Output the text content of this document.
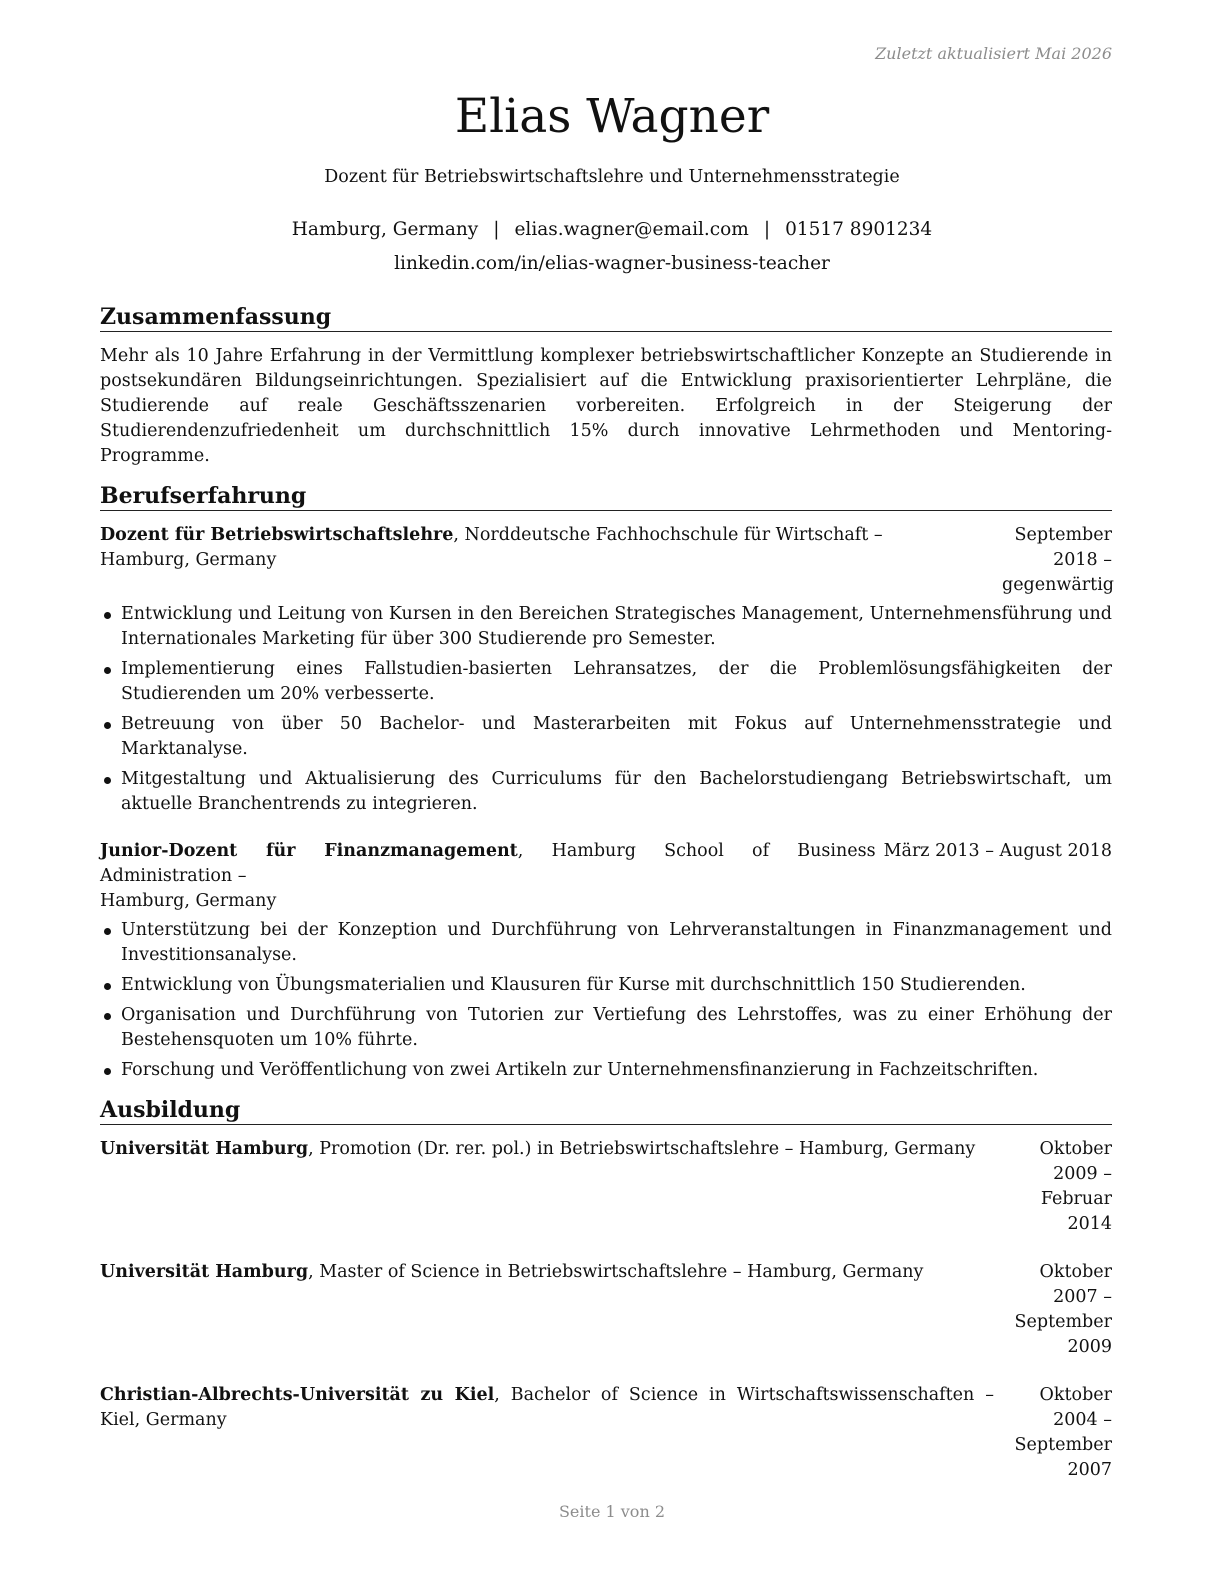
Zuletzt aktualisiert Mai 2026
Elias Wagner
Dozent für Betriebswirtschaftslehre und Unternehmensstrategie
Hamburg, Germany | elias.wagner@email.com | 01517 8901234
linkedin.com/in/elias-wagner-business-teacher
Zusammenfassung
Mehr als 10 Jahre Erfahrung in der Vermittlung komplexer betriebswirtschaftlicher Konzepte an Studierende in postsekundären Bildungseinrichtungen. Spezialisiert auf die Entwicklung praxisorientierter Lehrpläne, die Studierende auf reale Geschäftsszenarien vorbereiten. Erfolgreich in der Steigerung der Studierendenzufriedenheit um durchschnittlich 15% durch innovative Lehrmethoden und Mentoring-Programme.
Berufserfahrung
Dozent für Betriebswirtschaftslehre, Norddeutsche Fachhochschule für Wirtschaft –
Hamburg, Germany
September 2018 – gegenwärtig
Entwicklung und Leitung von Kursen in den Bereichen Strategisches Management, Unternehmensführung und Internationales Marketing für über 300 Studierende pro Semester.
Implementierung eines Fallstudien-basierten Lehransatzes, der die Problemlösungsfähigkeiten der Studierenden um 20% verbesserte.
Betreuung von über 50 Bachelor- und Masterarbeiten mit Fokus auf Unternehmensstrategie und Marktanalyse.
Mitgestaltung und Aktualisierung des Curriculums für den Bachelorstudiengang Betriebswirtschaft, um aktuelle Branchentrends zu integrieren.
Junior-Dozent für Finanzmanagement, Hamburg School of Business Administration –
Hamburg, Germany
März 2013 – August 2018
Unterstützung bei der Konzeption und Durchführung von Lehrveranstaltungen in Finanzmanagement und Investitionsanalyse.
Entwicklung von Übungsmaterialien und Klausuren für Kurse mit durchschnittlich 150 Studierenden.
Organisation und Durchführung von Tutorien zur Vertiefung des Lehrstoffes, was zu einer Erhöhung der Bestehensquoten um 10% führte.
Forschung und Veröffentlichung von zwei Artikeln zur Unternehmensfinanzierung in Fachzeitschriften.
Ausbildung
Universität Hamburg, Promotion (Dr. rer. pol.) in Betriebswirtschaftslehre – Hamburg, Germany	Oktober 2009 – Februar 2014
Universität Hamburg, Master of Science in Betriebswirtschaftslehre – Hamburg, Germany	Oktober 2007 – September 2009
Christian-Albrechts-Universität zu Kiel, Bachelor of Science in Wirtschaftswissenschaften – Kiel, Germany
Oktober 2004 – September 2007
Seite 1 von 2
